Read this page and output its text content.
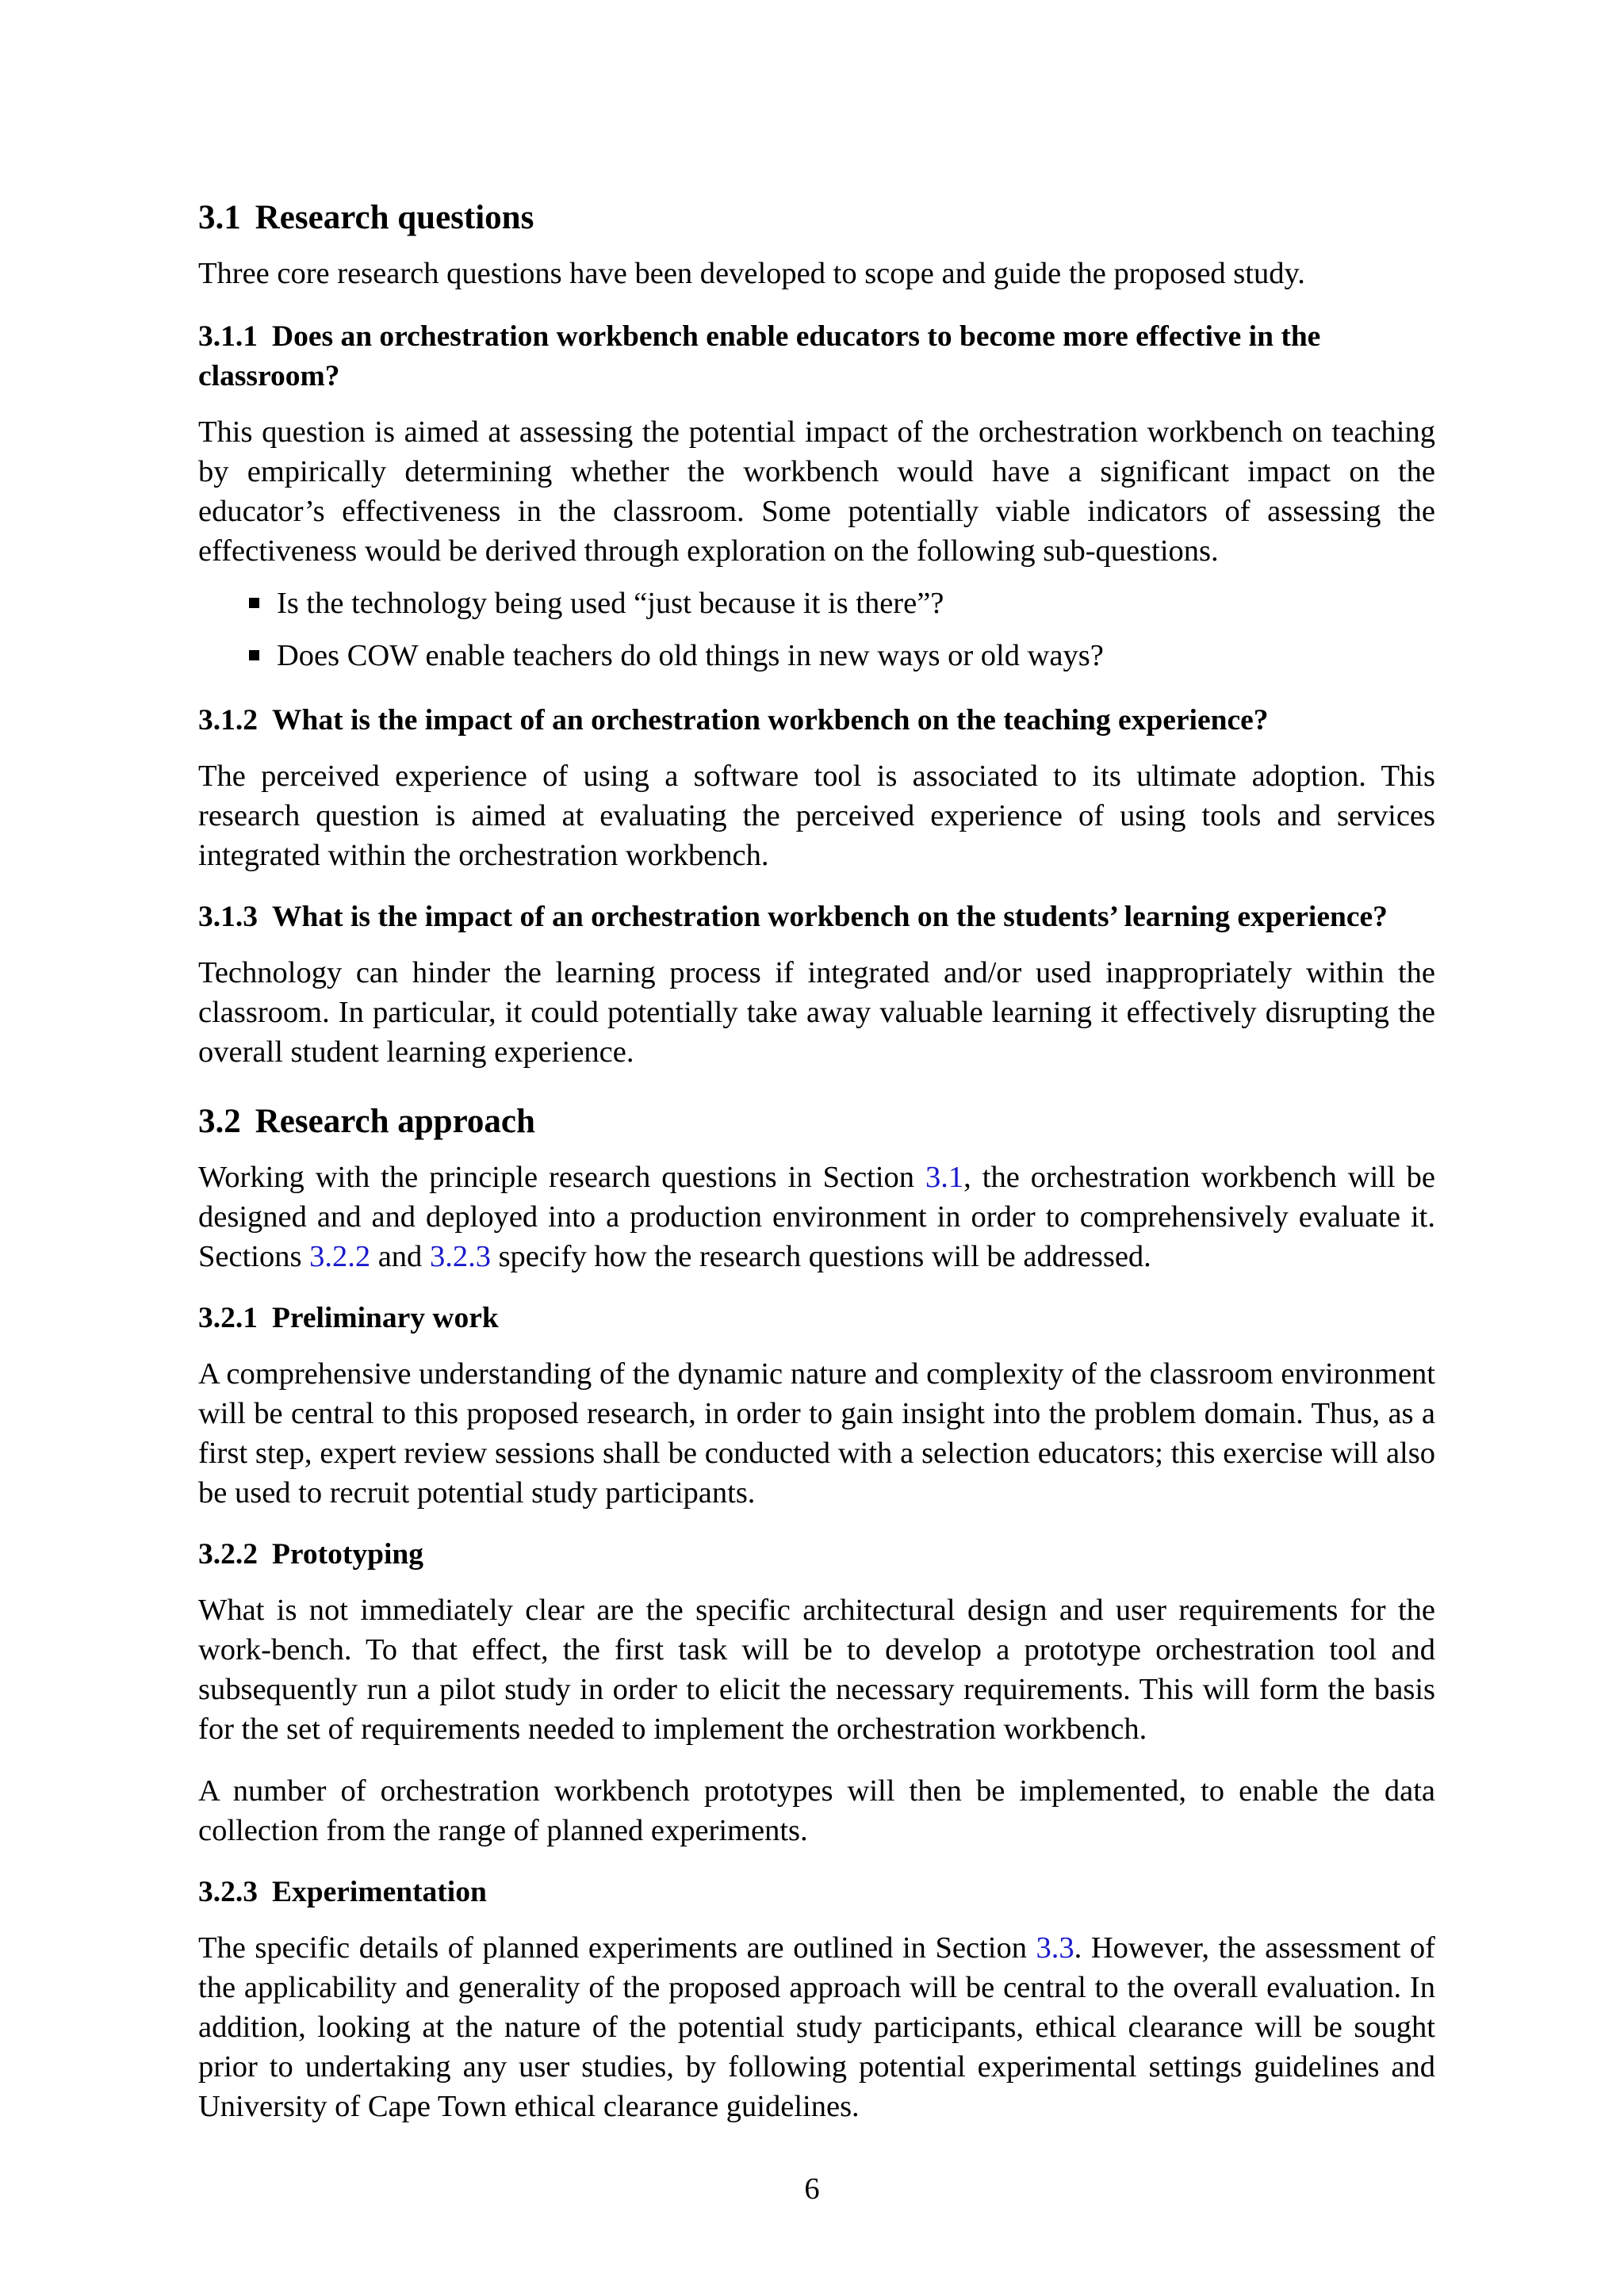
3.1 Research questions

Three core research questions have been developed to scope and guide the proposed study.

3.1.1 Does an orchestration workbench enable educators to become more effective in the classroom?

This question is aimed at assessing the potential impact of the orchestration workbench on teaching by empirically determining whether the workbench would have a significant impact on the educator’s effectiveness in the classroom. Some potentially viable indicators of assessing the effectiveness would be derived through exploration on the following sub-questions.

Is the technology being used “just because it is there”?
Does COW enable teachers do old things in new ways or old ways?
3.1.2 What is the impact of an orchestration workbench on the teaching experience?

The perceived experience of using a software tool is associated to its ultimate adoption. This research question is aimed at evaluating the perceived experience of using tools and services integrated within the orchestration workbench.

3.1.3 What is the impact of an orchestration workbench on the students’ learning experience?

Technology can hinder the learning process if integrated and/or used inappropriately within the classroom. In particular, it could potentially take away valuable learning it effectively disrupting the overall student learning experience.

3.2 Research approach

Working with the principle research questions in Section 3.1, the orchestration workbench will be designed and and deployed into a production environment in order to comprehensively evaluate it. Sections 3.2.2 and 3.2.3 specify how the research questions will be addressed.

3.2.1 Preliminary work

A comprehensive understanding of the dynamic nature and complexity of the classroom environment will be central to this proposed research, in order to gain insight into the problem domain. Thus, as a first step, expert review sessions shall be conducted with a selection educators; this exercise will also be used to recruit potential study participants.

3.2.2 Prototyping

What is not immediately clear are the specific architectural design and user requirements for the work-bench. To that effect, the first task will be to develop a prototype orchestration tool and subsequently run a pilot study in order to elicit the necessary requirements. This will form the basis for the set of requirements needed to implement the orchestration workbench.

A number of orchestration workbench prototypes will then be implemented, to enable the data collection from the range of planned experiments.

3.2.3 Experimentation

The specific details of planned experiments are outlined in Section 3.3. However, the assessment of the applicability and generality of the proposed approach will be central to the overall evaluation. In addition, looking at the nature of the potential study participants, ethical clearance will be sought prior to undertaking any user studies, by following potential experimental settings guidelines and University of Cape Town ethical clearance guidelines.

6
